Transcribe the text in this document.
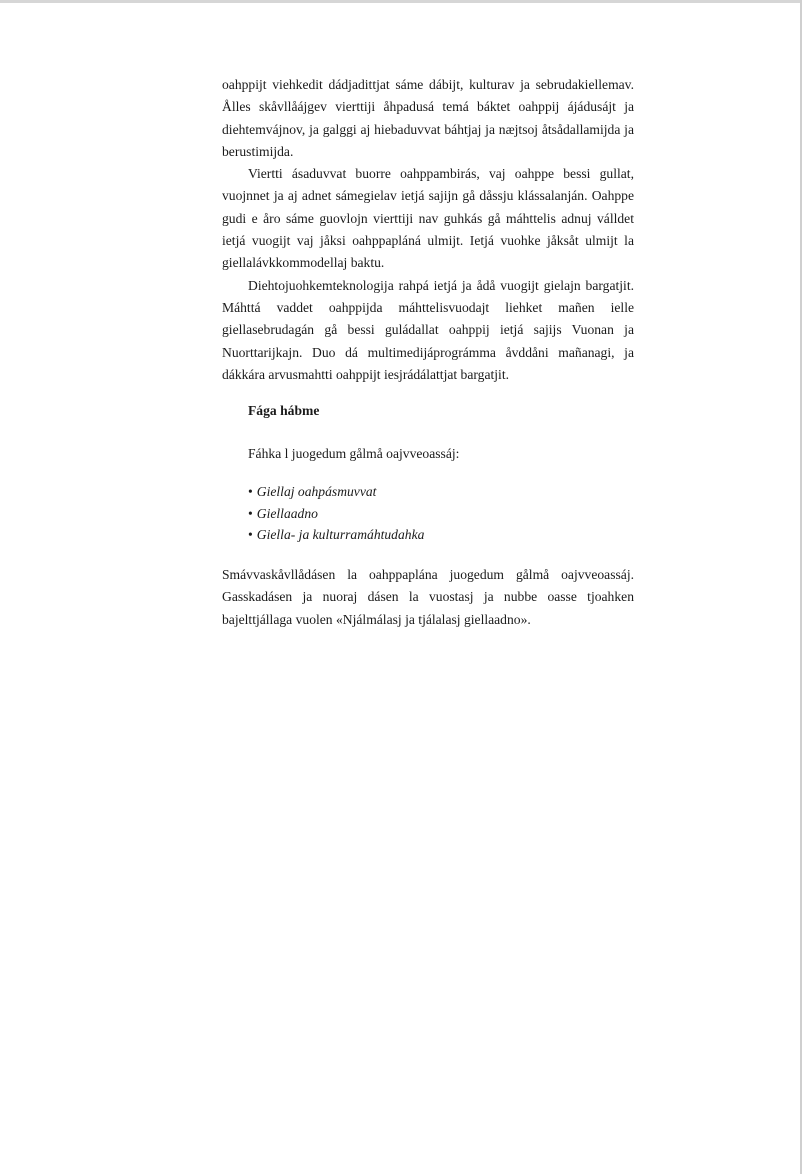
oahppijt viehkedit dádjadittjat sáme dábijt, kulturav ja sebrudakiellemav. Ålles skåvllåájgev vierttiji åhpadusá temá báktet oahppij ájádusájt ja diehtemvájnov, ja galggi aj hiebaduvvat báhtjaj ja næjtsoj åtsådallamijda ja berustimijda.

Viertti ásaduvvat buorre oahppambirás, vaj oahppe bessi gullat, vuojnnet ja aj adnet sámegielav ietjá sajijn gå dåssju klássalanján. Oahppe gudi e åro sáme guovlojn vierttiji nav guhkás gå máhttelis adnuj válldet ietjá vuogijt vaj jåksi oahppapláná ulmijt. Ietjá vuohke jåksåt ulmijt la giellalávkkommodellaj baktu.

Diehtojuohkemteknologija rahpá ietjá ja ådå vuogijt gielajn bargatjit. Máhttá vaddet oahppijda máhttelisvuodajt liehket mañen ielle giellasebrudagán gå bessi guládallat oahppij ietjá sajijs Vuonan ja Nuorttarijkajn. Duo dá multimedijáprográmma åvddåni mañanagi, ja dákkára arvusmahtti oahppijt iesjrádálattjat bargatjit.

Fága hábme

Fáhka l juogedum gålmå oajvveoassáj:

• Giellaj oahpásmuvvat
• Giellaadno
• Giella- ja kulturramáhtudahka

Smávvaskåvllådásen la oahppaplána juogedum gålmå oajvveoassáj. Gasskadásen ja nuoraj dásen la vuostasj ja nubbe oasse tjoahken bajelttjállaga vuolen «Njálmálasj ja tjálalasj giellaadno».
